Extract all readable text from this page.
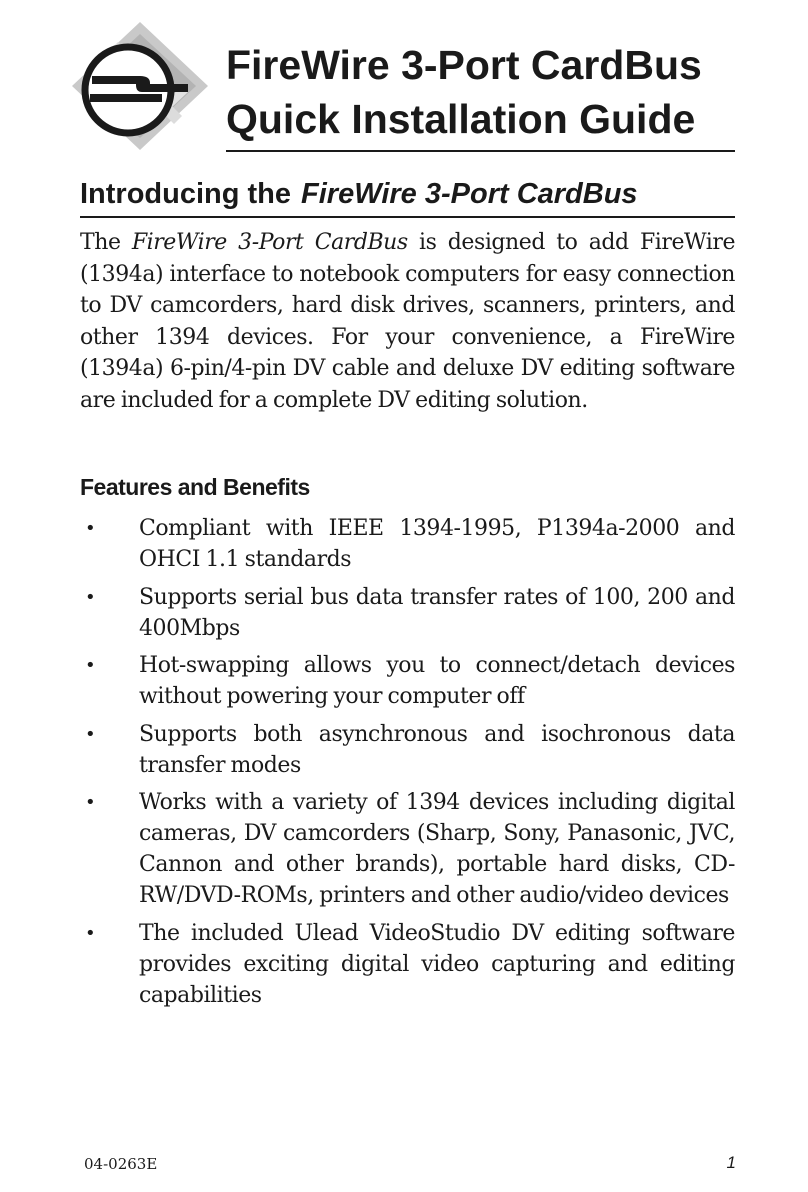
FireWire 3-Port CardBus
Quick Installation Guide
Introducing the FireWire 3-Port CardBus

The FireWire 3-Port CardBus is designed to add FireWire (1394a) interface to notebook computers for easy connection to DV camcorders, hard disk drives, scanners, printers, and other 1394 devices. For your convenience, a FireWire (1394a) 6-pin/4-pin DV cable and deluxe DV editing software are included for a complete DV editing solution.

Features and Benefits
• Compliant with IEEE 1394-1995, P1394a-2000 and OHCI 1.1 standards
• Supports serial bus data transfer rates of 100, 200 and 400Mbps
• Hot-swapping allows you to connect/detach devices without powering your computer off
• Supports both asynchronous and isochronous data transfer modes
• Works with a variety of 1394 devices including digital cameras, DV camcorders (Sharp, Sony, Panasonic, JVC, Cannon and other brands), portable hard disks, CD-RW/DVD-ROMs, printers and other audio/video devices
• The included Ulead VideoStudio DV editing software provides exciting digital video capturing and editing capabilities
04-0263E	1
